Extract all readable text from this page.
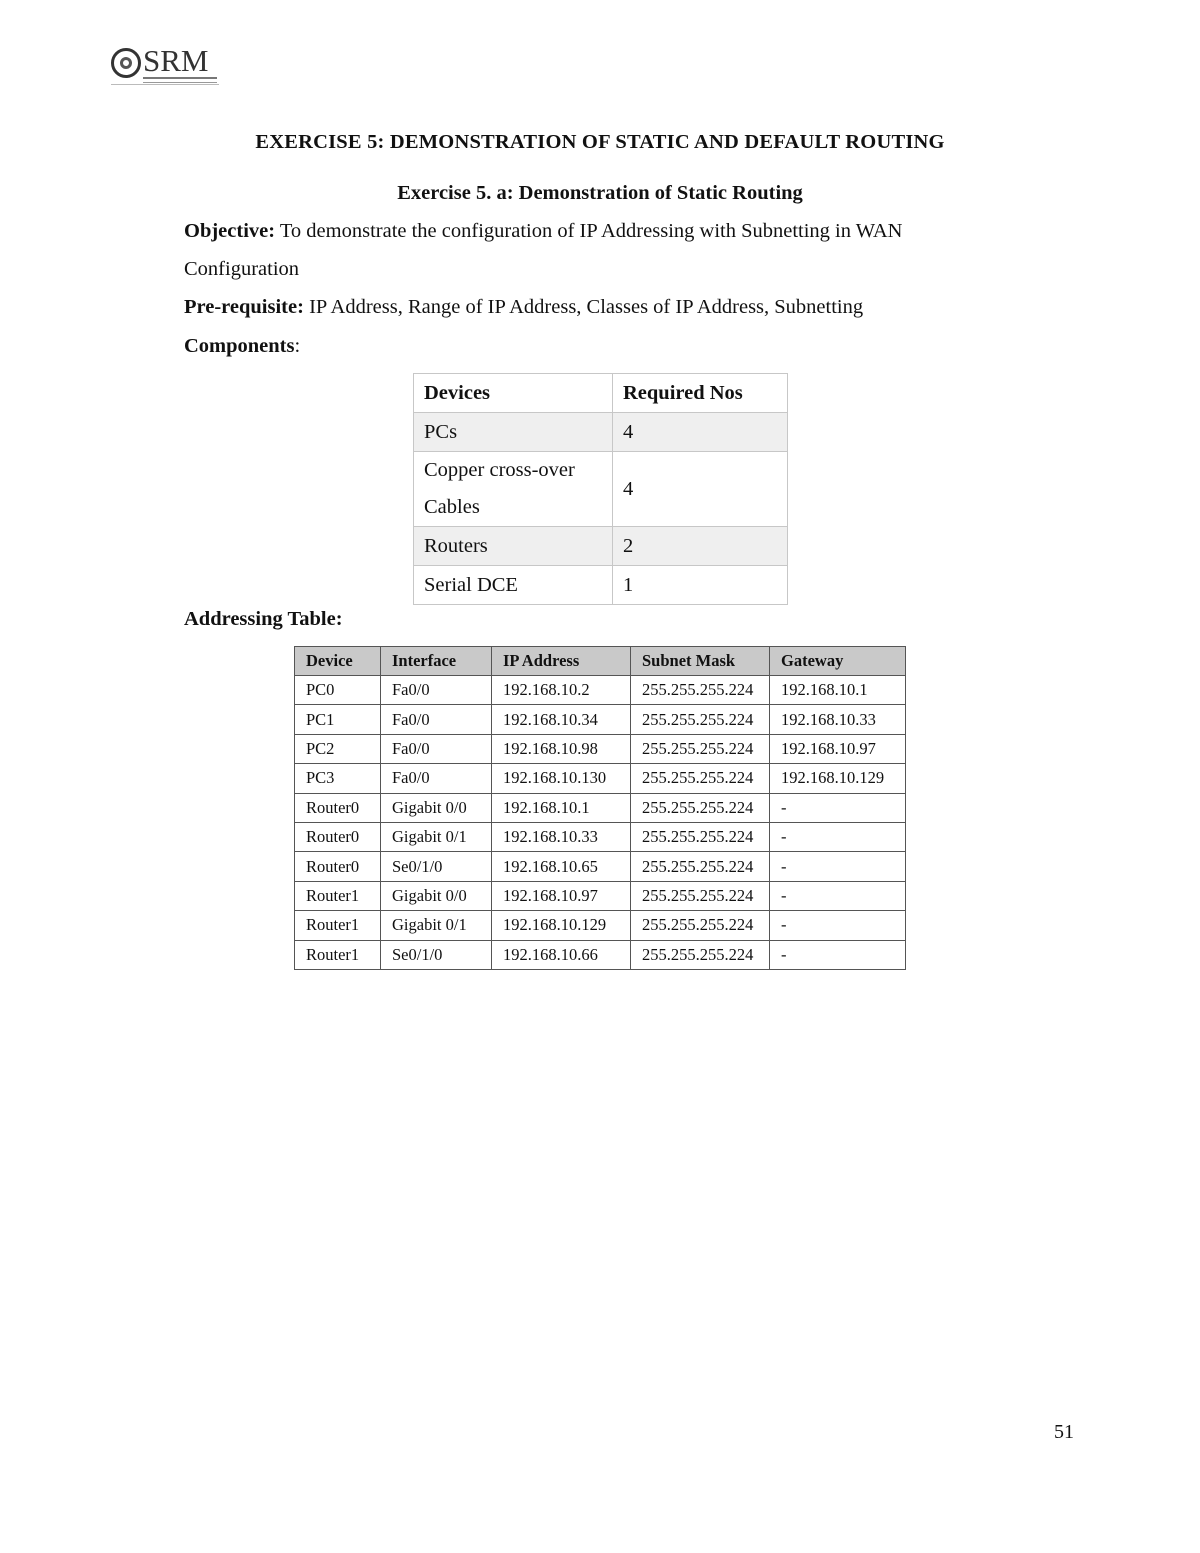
SRM
EXERCISE 5: DEMONSTRATION OF STATIC AND DEFAULT ROUTING
Exercise 5. a: Demonstration of Static Routing
Objective: To demonstrate the configuration of IP Addressing with Subnetting in WAN
Configuration
Pre-requisite: IP Address, Range of IP Address, Classes of IP Address, Subnetting
Components:
Devices	Required Nos
PCs	4
Copper cross-over
Cables	4
Routers	2
Serial DCE	1
Addressing Table:
Device	Interface	IP Address	Subnet Mask	Gateway
PC0	Fa0/0	192.168.10.2	255.255.255.224	192.168.10.1
PC1	Fa0/0	192.168.10.34	255.255.255.224	192.168.10.33
PC2	Fa0/0	192.168.10.98	255.255.255.224	192.168.10.97
PC3	Fa0/0	192.168.10.130	255.255.255.224	192.168.10.129
Router0	Gigabit 0/0	192.168.10.1	255.255.255.224	-
Router0	Gigabit 0/1	192.168.10.33	255.255.255.224	-
Router0	Se0/1/0	192.168.10.65	255.255.255.224	-
Router1	Gigabit 0/0	192.168.10.97	255.255.255.224	-
Router1	Gigabit 0/1	192.168.10.129	255.255.255.224	-
Router1	Se0/1/0	192.168.10.66	255.255.255.224	-
51
